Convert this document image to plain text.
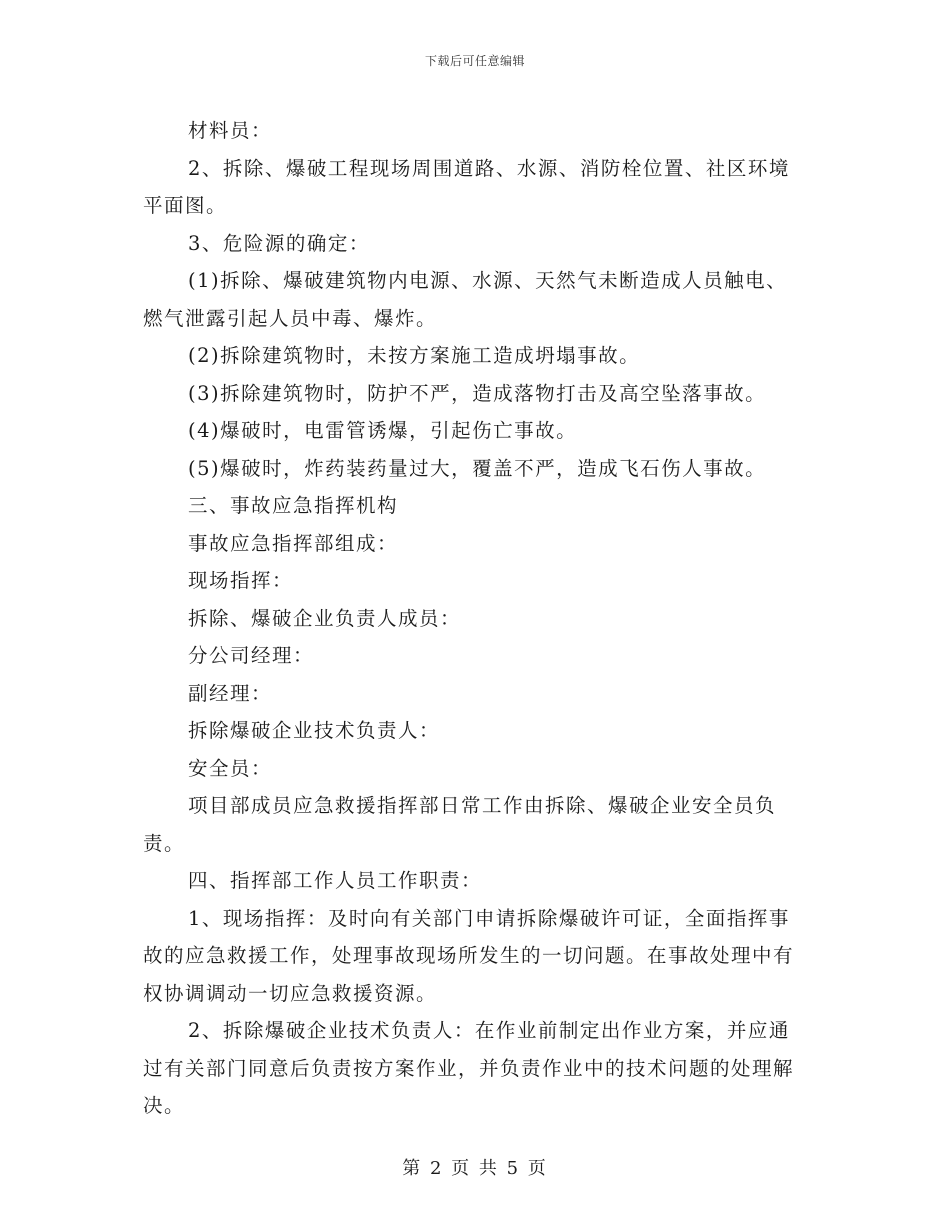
下载后可任意编辑

材料员：

2、拆除、爆破工程现场周围道路、水源、消防栓位置、社区环境平面图。

3、危险源的确定：

(1)拆除、爆破建筑物内电源、水源、天然气未断造成人员触电、燃气泄露引起人员中毒、爆炸。

(2)拆除建筑物时，未按方案施工造成坍塌事故。

(3)拆除建筑物时，防护不严，造成落物打击及高空坠落事故。

(4)爆破时，电雷管诱爆，引起伤亡事故。

(5)爆破时，炸药装药量过大，覆盖不严，造成飞石伤人事故。

三、事故应急指挥机构

事故应急指挥部组成：

现场指挥：

拆除、爆破企业负责人成员：

分公司经理：

副经理：

拆除爆破企业技术负责人：

安全员：

项目部成员应急救援指挥部日常工作由拆除、爆破企业安全员负责。

四、指挥部工作人员工作职责：

1、现场指挥：及时向有关部门申请拆除爆破许可证，全面指挥事故的应急救援工作，处理事故现场所发生的一切问题。在事故处理中有权协调调动一切应急救援资源。

2、拆除爆破企业技术负责人：在作业前制定出作业方案，并应通过有关部门同意后负责按方案作业，并负责作业中的技术问题的处理解决。

第 2 页 共 5 页
